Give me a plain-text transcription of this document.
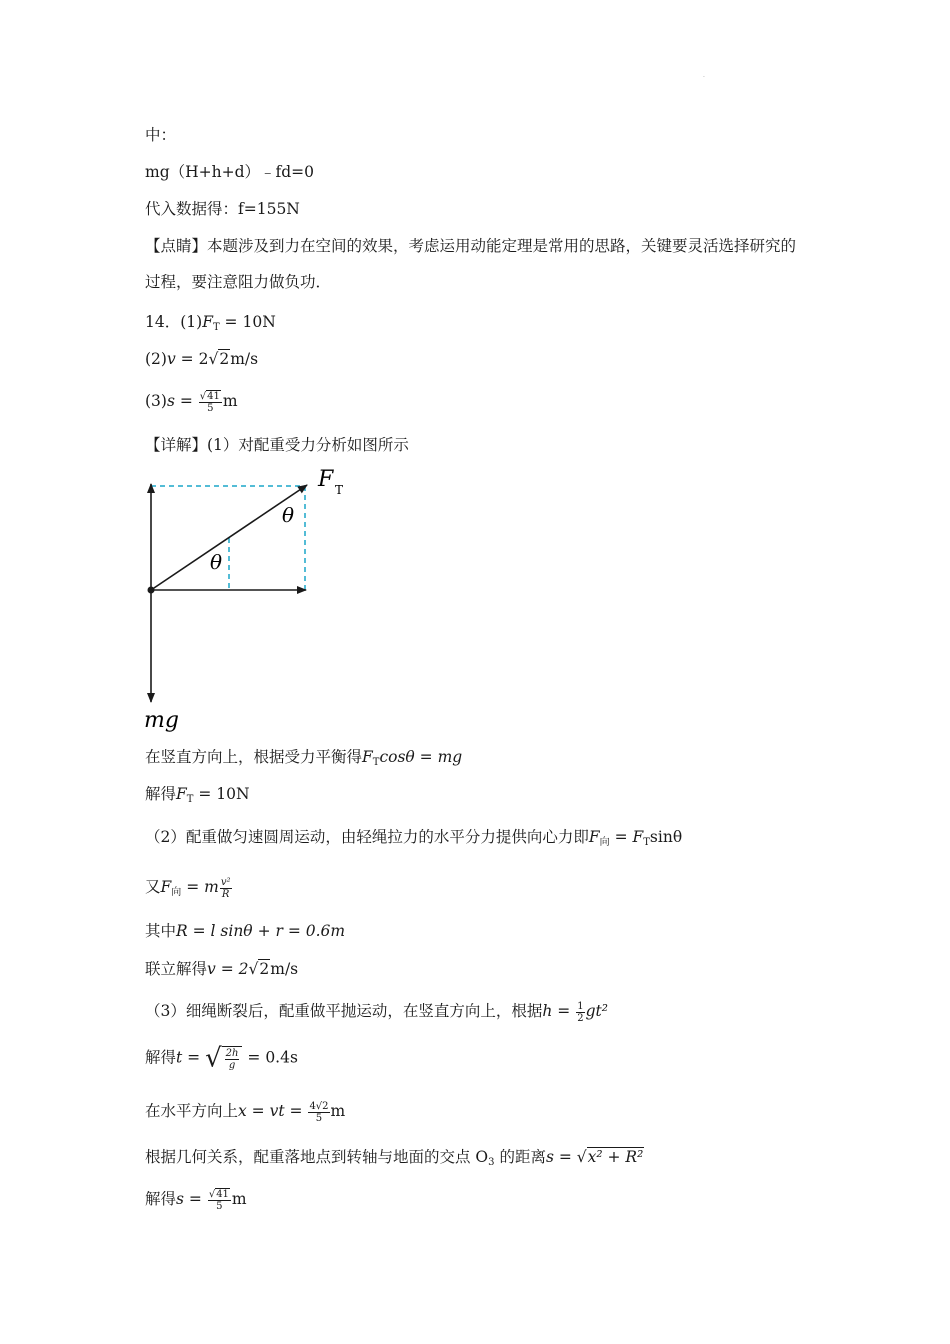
.
中：
mg（H+h+d）﹣fd=0
代入数据得：f=155N
【点睛】本题涉及到力在空间的效果，考虑运用动能定理是常用的思路，关键要灵活选择研究的过程，要注意阻力做负功．
14．$(1)F_T = 10N$
(2)v = 2√2m/s
$(3)s = \frac{√41}{5}$ m
【详解】(1）对配重受力分析如图所示
F T
θ
θ
mg
在竖直方向上，根据受力平衡得$F_T\cos\theta$ = mg
解得$F_T = 10N$
（2）配重做匀速圆周运动，由轻绳拉力的水平分力提供向心力即$F_向 = F_T\sin\theta$
又$F_向 = m \frac{\text{v²}}{R}$
其中R = l sinθ + r = 0.6m
联立解得v = 2√2m/s
（3）细绳断裂后，配重做平抛运动，在竖直方向上，根据$h = \frac{1}{2} gt^2$
解得t = √ $\frac{2h}{g} = 0.4s$
在水平方向上x = vt = $\frac{4√2}{5}$ m
根据几何关系，配重落地点到转轴与地面的交点 $O_3$ 的距离s = √x² + R²
解得$s = \frac{√41}{5}$ m
